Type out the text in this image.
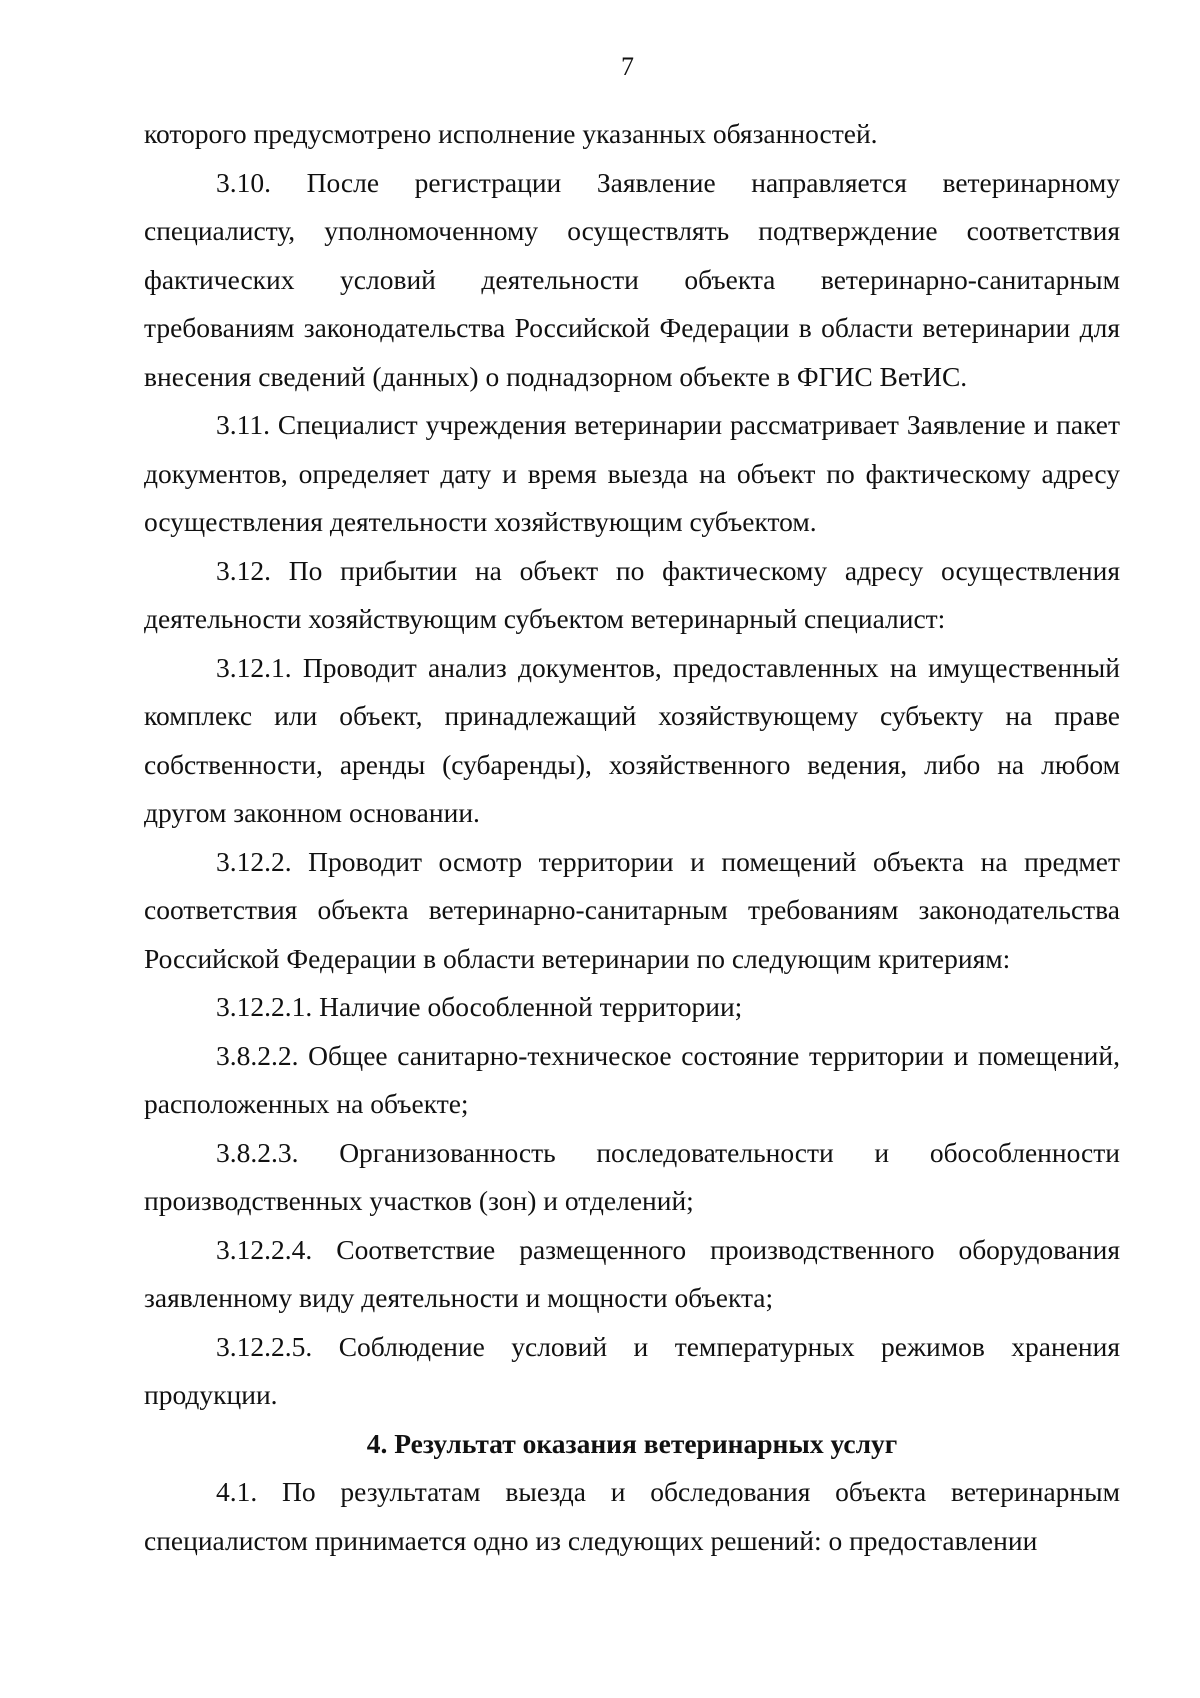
7

которого предусмотрено исполнение указанных обязанностей.

3.10. После регистрации Заявление направляется ветеринарному специалисту, уполномоченному осуществлять подтверждение соответствия фактических условий деятельности объекта ветеринарно-санитарным требованиям законодательства Российской Федерации в области ветеринарии для внесения сведений (данных) о поднадзорном объекте в ФГИС ВетИС.

3.11. Специалист учреждения ветеринарии рассматривает Заявление и пакет документов, определяет дату и время выезда на объект по фактическому адресу осуществления деятельности хозяйствующим субъектом.

3.12. По прибытии на объект по фактическому адресу осуществления деятельности хозяйствующим субъектом ветеринарный специалист:

3.12.1. Проводит анализ документов, предоставленных на имущественный комплекс или объект, принадлежащий хозяйствующему субъекту на праве собственности, аренды (субаренды), хозяйственного ведения, либо на любом другом законном основании.

3.12.2. Проводит осмотр территории и помещений объекта на предмет соответствия объекта ветеринарно-санитарным требованиям законодательства Российской Федерации в области ветеринарии по следующим критериям:

3.12.2.1. Наличие обособленной территории;

3.8.2.2. Общее санитарно-техническое состояние территории и помещений, расположенных на объекте;

3.8.2.3. Организованность последовательности и обособленности производственных участков (зон) и отделений;

3.12.2.4. Соответствие размещенного производственного оборудования заявленному виду деятельности и мощности объекта;

3.12.2.5. Соблюдение условий и температурных режимов хранения продукции.

4. Результат оказания ветеринарных услуг

4.1. По результатам выезда и обследования объекта ветеринарным специалистом принимается одно из следующих решений: о предоставлении
